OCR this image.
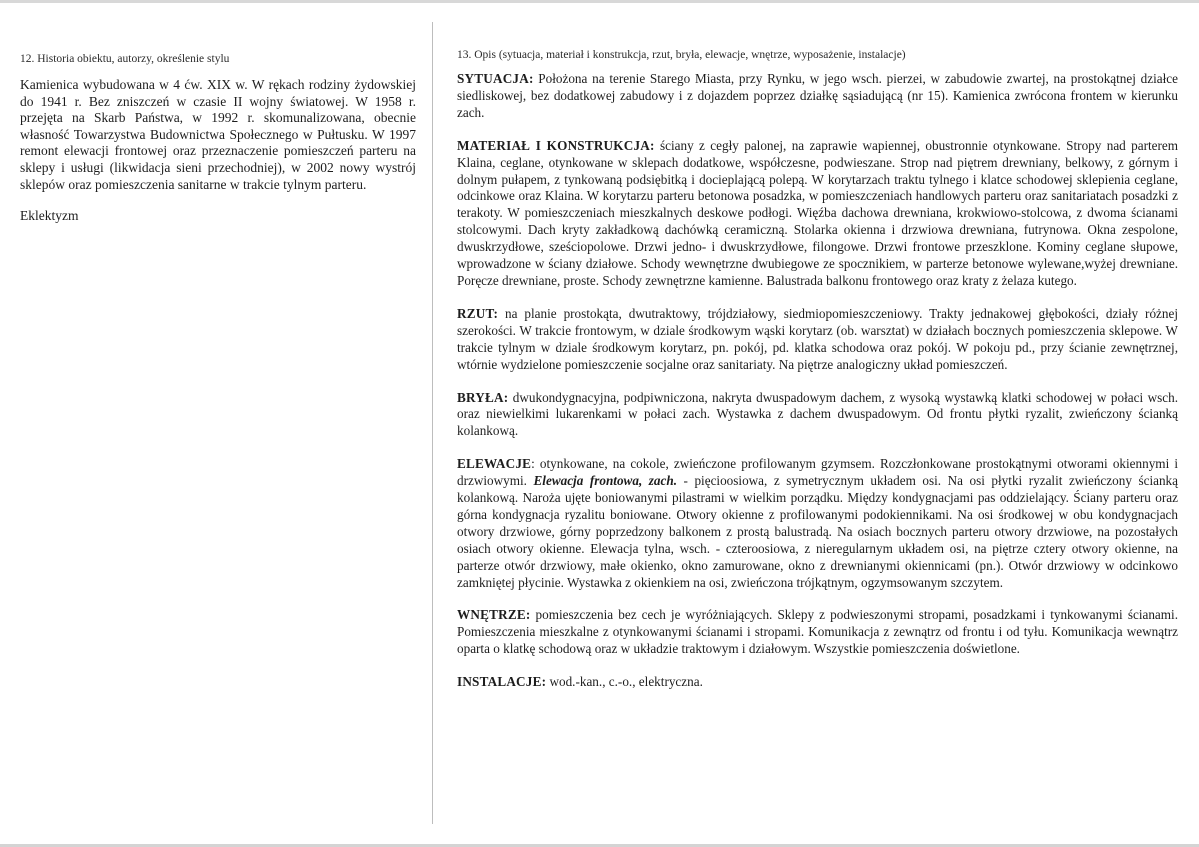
12. Historia obiektu, autorzy, określenie stylu

Kamienica wybudowana w 4 ćw. XIX w. W rękach rodziny żydowskiej do 1941 r. Bez zniszczeń w czasie II wojny światowej. W 1958 r. przejęta na Skarb Państwa, w 1992 r. skomunalizowana, obecnie własność Towarzystwa Budownictwa Społecznego w Pułtusku. W 1997 remont elewacji frontowej oraz przeznaczenie pomieszczeń parteru na sklepy i usługi (likwidacja sieni przechodniej), w 2002 nowy wystrój sklepów oraz pomieszczenia sanitarne w trakcie tylnym parteru.

Eklektyzm

13. Opis (sytuacja, materiał i konstrukcja, rzut, bryła, elewacje, wnętrze, wyposażenie, instalacje)

SYTUACJA: Położona na terenie Starego Miasta, przy Rynku, w jego wsch. pierzei, w zabudowie zwartej, na prostokątnej działce siedliskowej, bez dodatkowej zabudowy i z dojazdem poprzez działkę sąsiadującą (nr 15). Kamienica zwrócona frontem w kierunku zach.

MATERIAŁ I KONSTRUKCJA: ściany z cegły palonej, na zaprawie wapiennej, obustronnie otynkowane. Stropy nad parterem Klaina, ceglane, otynkowane w sklepach dodatkowe, współczesne, podwieszane. Strop nad piętrem drewniany, belkowy, z górnym i dolnym pułapem, z tynkowaną podsiębitką i docieplającą polepą. W korytarzach traktu tylnego i klatce schodowej sklepienia ceglane, odcinkowe oraz Klaina. W korytarzu parteru betonowa posadzka, w pomieszczeniach handlowych parteru oraz sanitariatach posadzki z terakoty. W pomieszczeniach mieszkalnych deskowe podłogi. Więźba dachowa drewniana, krokwiowo-stolcowa, z dwoma ścianami stolcowymi. Dach kryty zakładkową dachówką ceramiczną. Stolarka okienna i drzwiowa drewniana, futrynowa. Okna zespolone, dwuskrzydłowe, sześciopolowe. Drzwi jedno- i dwuskrzydłowe, filongowe. Drzwi frontowe przeszklone. Kominy ceglane słupowe, wprowadzone w ściany działowe. Schody wewnętrzne dwubiegowe ze spocznikiem, w parterze betonowe wylewane,wyżej drewniane. Poręcze drewniane, proste. Schody zewnętrzne kamienne. Balustrada balkonu frontowego oraz kraty z żelaza kutego.

RZUT: na planie prostokąta, dwutraktowy, trójdziałowy, siedmiopomieszczeniowy. Trakty jednakowej głębokości, działy różnej szerokości. W trakcie frontowym, w dziale środkowym wąski korytarz (ob. warsztat) w działach bocznych pomieszczenia sklepowe. W trakcie tylnym w dziale środkowym korytarz, pn. pokój, pd. klatka schodowa oraz pokój. W pokoju pd., przy ścianie zewnętrznej, wtórnie wydzielone pomieszczenie socjalne oraz sanitariaty. Na piętrze analogiczny układ pomieszczeń.

BRYŁA: dwukondygnacyjna, podpiwniczona, nakryta dwuspadowym dachem, z wysoką wystawką klatki schodowej w połaci wsch. oraz niewielkimi lukarenkami w połaci zach. Wystawka z dachem dwuspadowym. Od frontu płytki ryzalit, zwieńczony ścianką kolankową.

ELEWACJE: otynkowane, na cokole, zwieńczone profilowanym gzymsem. Rozczłonkowane prostokątnymi otworami okiennymi i drzwiowymi. Elewacja frontowa, zach. - pięcioosiowa, z symetrycznym układem osi. Na osi płytki ryzalit zwieńczony ścianką kolankową. Naroża ujęte boniowanymi pilastrami w wielkim porządku. Między kondygnacjami pas oddzielający. Ściany parteru oraz górna kondygnacja ryzalitu boniowane. Otwory okienne z profilowanymi podokiennikami. Na osi środkowej w obu kondygnacjach otwory drzwiowe, górny poprzedzony balkonem z prostą balustradą. Na osiach bocznych parteru otwory drzwiowe, na pozostałych osiach otwory okienne. Elewacja tylna, wsch. - czteroosiowa, z nieregularnym układem osi, na piętrze cztery otwory okienne, na parterze otwór drzwiowy, małe okienko, okno zamurowane, okno z drewnianymi okiennicami (pn.). Otwór drzwiowy w odcinkowo zamkniętej płycinie. Wystawka z okienkiem na osi, zwieńczona trójkątnym, ogzymsowanym szczytem.

WNĘTRZE: pomieszczenia bez cech je wyróżniających. Sklepy z podwieszonymi stropami, posadzkami i tynkowanymi ścianami. Pomieszczenia mieszkalne z otynkowanymi ścianami i stropami. Komunikacja z zewnątrz od frontu i od tyłu. Komunikacja wewnątrz oparta o klatkę schodową oraz w układzie traktowym i działowym. Wszystkie pomieszczenia doświetlone.

INSTALACJE: wod.-kan., c.-o., elektryczna.
